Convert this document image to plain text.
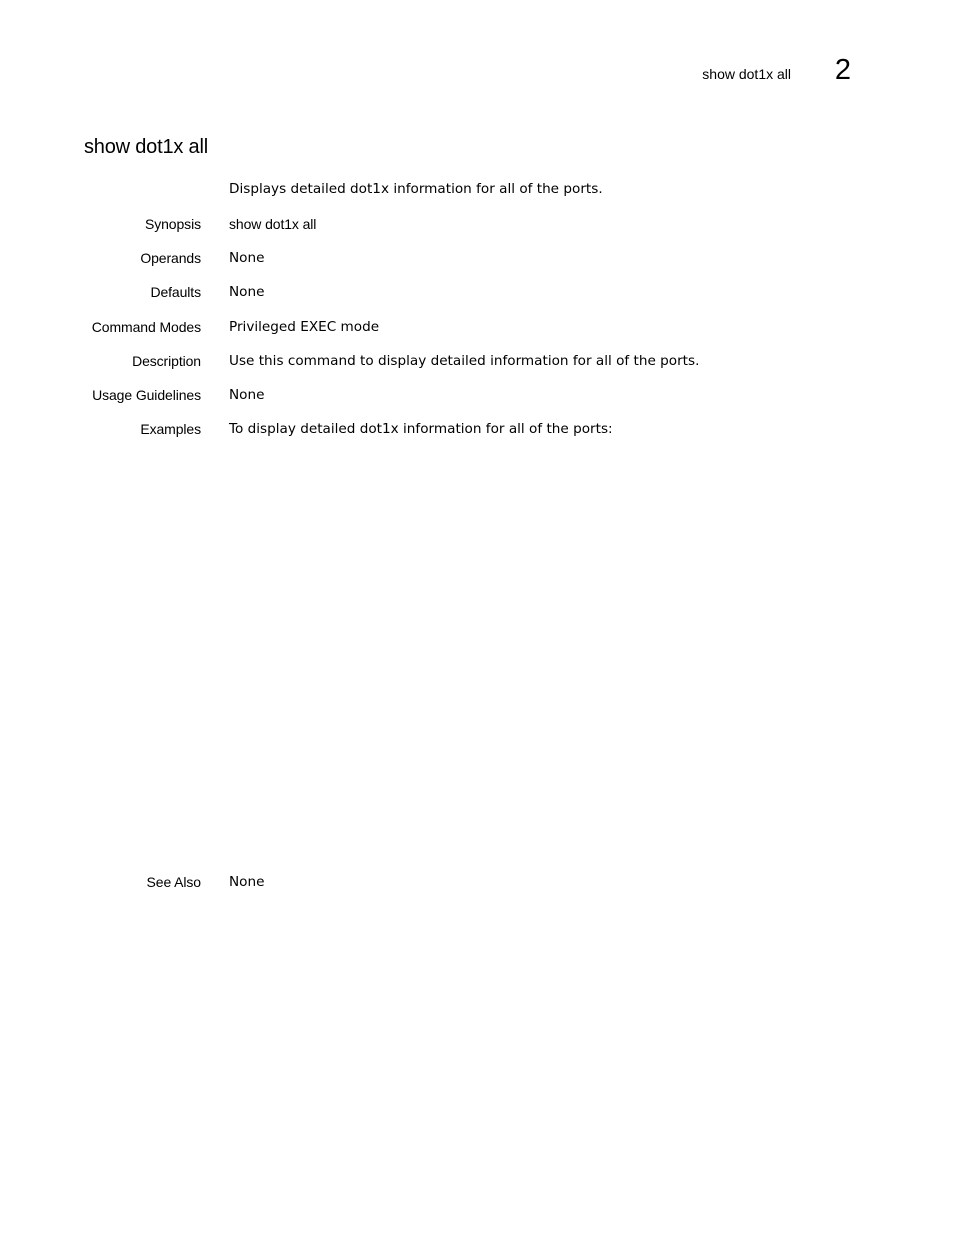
show dot1x all	2
show dot1x all
Displays detailed dot1x information for all of the ports.
Synopsis show dot1x all
Operands None
Defaults None
Command Modes Privileged EXEC mode
Description Use this command to display detailed information for all of the ports.
Usage Guidelines None
Examples To display detailed dot1x information for all of the ports:
See Also None
